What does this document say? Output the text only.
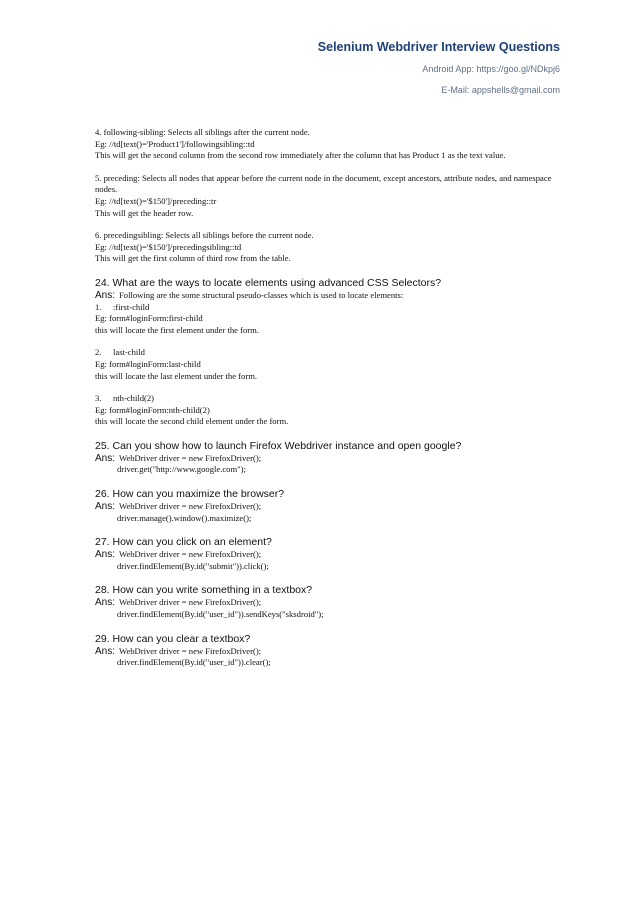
Selenium Webdriver Interview Questions

Android App: https://goo.gl/NDkpj6

E-Mail: appshells@gmail.com

4. following-sibling: Selects all siblings after the current node.

Eg: //td[text()='Product1']/followingsibling::td

This will get the second column from the second row immediately after the column that has Product 1 as the text value.

5. preceding: Selects all nodes that appear before the current node in the document, except ancestors, attribute nodes, and namespace

nodes.

Eg: //td[text()='$150']/preceding::tr

This will get the header row.

6. precedingsibling: Selects all siblings before the current node.

Eg: //td[text()='$150']/precedingsibling::td

This will get the first column of third row from the table.

24. What are the ways to locate elements using advanced CSS Selectors?

Ans: Following are the some structural pseudo-classes which is used to locate elements:

1. :first-child

Eg: form#loginForm:first-child

this will locate the first element under the form.

2. last-child

Eg: form#loginForm:last-child

this will locate the last element under the form.

3. nth-child(2)

Eg: form#loginForm:nth-child(2)

this will locate the second child element under the form.

25. Can you show how to launch Firefox Webdriver instance and open google?

Ans: WebDriver driver = new FirefoxDriver();

driver.get("http://www.google.com");

26. How can you maximize the browser?

Ans: WebDriver driver = new FirefoxDriver();

driver.manage().window().maximize();

27. How can you click on an element?

Ans: WebDriver driver = new FirefoxDriver();

driver.findElement(By.id("submit")).click();

28. How can you write something in a textbox?

Ans: WebDriver driver = new FirefoxDriver();

driver.findElement(By.id("user_id")).sendKeys("sksdroid");

29. How can you clear a textbox?

Ans: WebDriver driver = new FirefoxDriver();

driver.findElement(By.id("user_id")).clear();
